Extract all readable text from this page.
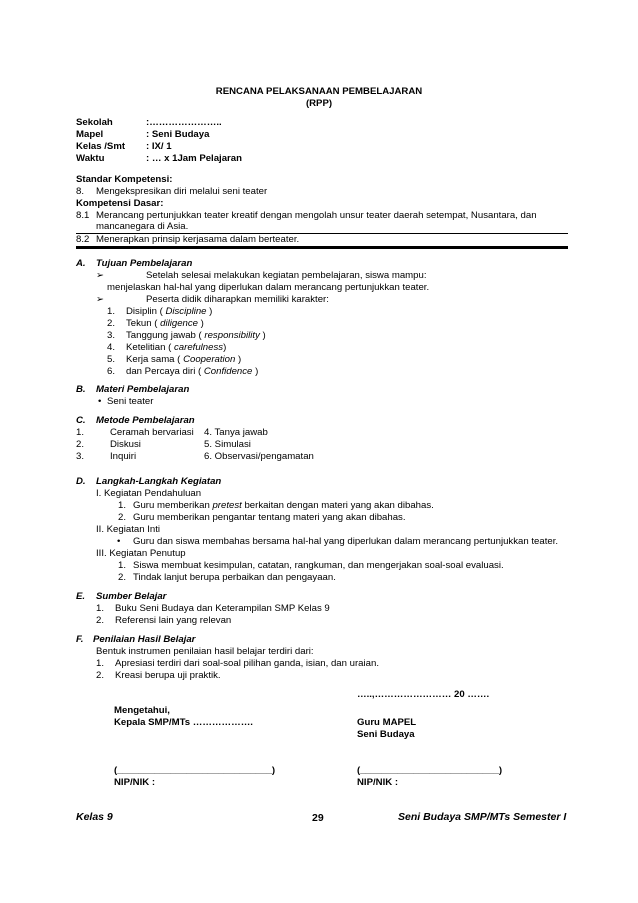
RENCANA PELAKSANAAN PEMBELAJARAN
(RPP)
Sekolah	:…………………..
Mapel	: Seni Budaya
Kelas /Smt : IX/ 1
Waktu	: … x 1Jam Pelajaran
Standar Kompetensi:
8. Mengekspresikan diri melalui seni teater
Kompetensi Dasar:
8.1 Merancang pertunjukkan teater kreatif dengan mengolah unsur teater daerah setempat, Nusantara, dan
mancanegara di Asia.
8.2 Menerapkan prinsip kerjasama dalam berteater.
A. Tujuan Pembelajaran
➢	Setelah selesai melakukan kegiatan pembelajaran, siswa mampu:
menjelaskan hal-hal yang diperlukan dalam merancang pertunjukkan teater.
➢	Peserta didik diharapkan memiliki karakter:
1. Disiplin ( Discipline )
2. Tekun ( diligence )
3. Tanggung jawab ( responsibility )
4. Ketelitian ( carefulness)
5. Kerja sama ( Cooperation )
6. dan Percaya diri ( Confidence )
B. Materi Pembelajaran
• Seni teater
C. Metode Pembelajaran
1.	Ceramah bervariasi 4. Tanya jawab
2.	Diskusi	5. Simulasi
3.	Inquiri	6. Observasi/pengamatan
D. Langkah-Langkah Kegiatan
I. Kegiatan Pendahuluan
1. Guru memberikan pretest berkaitan dengan materi yang akan dibahas.
2. Guru memberikan pengantar tentang materi yang akan dibahas.
II. Kegiatan Inti
• Guru dan siswa membahas bersama hal-hal yang diperlukan dalam merancang pertunjukkan teater.
III. Kegiatan Penutup
1. Siswa membuat kesimpulan, catatan, rangkuman, dan mengerjakan soal-soal evaluasi.
2. Tindak lanjut berupa perbaikan dan pengayaan.
E. Sumber Belajar
1. Buku Seni Budaya dan Keterampilan SMP Kelas 9
2. Referensi lain yang relevan
F. Penilaian Hasil Belajar
Bentuk instrumen penilaian hasil belajar terdiri dari:
1. Apresiasi terdiri dari soal-soal pilihan ganda, isian, dan uraian.
2. Kreasi berupa uji praktik.
…..,…………………… 20 …….
Mengetahui,
Kepala SMP/MTs ……………….	Guru MAPEL
Seni Budaya
(_____________________________)	(__________________________)
NIP/NIK :	NIP/NIK :
Kelas 9	29	Seni Budaya SMP/MTs Semester I
